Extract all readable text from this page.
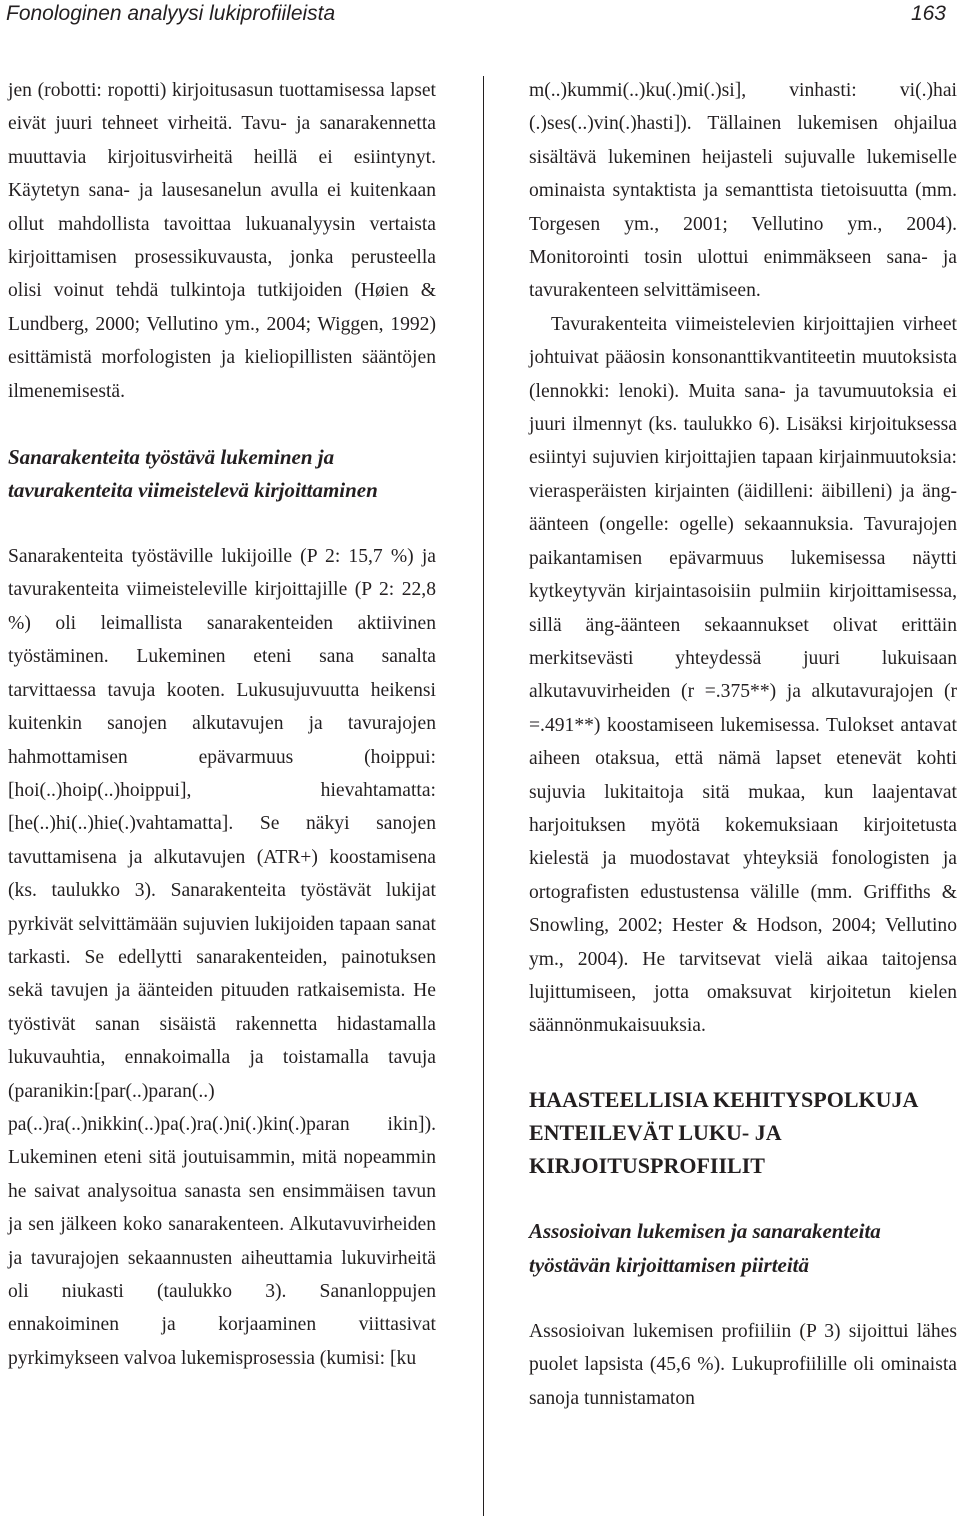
Fonologinen analyysi lukiprofiileista	163

jen (robotti: ropotti) kirjoitusasun tuottamisessa lapset eivät juuri tehneet virheitä. Tavu- ja sanarakennetta muuttavia kirjoitusvirheitä heillä ei esiintynyt. Käytetyn sana- ja lausesanelun avulla ei kuitenkaan ollut mahdollista tavoittaa lukuanalyysin vertaista kirjoittamisen prosessikuvausta, jonka perusteella olisi voinut tehdä tulkintoja tutkijoiden (Høien & Lundberg, 2000; Vellutino ym., 2004; Wiggen, 1992) esittämistä morfologisten ja kieliopillisten sääntöjen ilmenemisestä.

Sanarakenteita työstävä lukeminen ja tavurakenteita viimeistelevä kirjoittaminen

Sanarakenteita työstäville lukijoille (P 2: 15,7 %) ja tavurakenteita viimeisteleville kirjoittajille (P 2: 22,8 %) oli leimallista sanarakenteiden aktiivinen työstäminen. Lukeminen eteni sana sanalta tarvittaessa tavuja kooten. Lukusujuvuutta heikensi kuitenkin sanojen alkutavujen ja tavurajojen hahmottamisen epävarmuus (hoippui: [hoi(..)hoip(..)hoippui], hievahtamatta: [he(..)hi(..)hie(.)vahtamatta]. Se näkyi sanojen tavuttamisena ja alkutavujen (ATR+) koostamisena (ks. taulukko 3). Sanarakenteita työstävät lukijat pyrkivät selvittämään sujuvien lukijoiden tapaan sanat tarkasti. Se edellytti sanarakenteiden, painotuksen sekä tavujen ja äänteiden pituuden ratkaisemista. He työstivät sanan sisäistä rakennetta hidastamalla lukuvauhtia, ennakoimalla ja toistamalla tavuja (paranikin:[par(..)paran(..) pa(..)ra(..)nikkin(..)pa(.)ra(.)ni(.)kin(.)paran ikin]). Lukeminen eteni sitä joutuisammin, mitä nopeammin he saivat analysoitua sanasta sen ensimmäisen tavun ja sen jälkeen koko sanarakenteen. Alkutavuvirheiden ja tavurajojen sekaannusten aiheuttamia lukuvirheitä oli niukasti (taulukko 3). Sananloppujen ennakoiminen ja korjaaminen viittasivat pyrkimykseen valvoa lukemisprosessia (kumisi: [ku

m(..)kummi(..)ku(.)mi(.)si], vinhasti: vi(.)hai (.)ses(..)vin(.)hasti]). Tällainen lukemisen ohjailua sisältävä lukeminen heijasteli sujuvalle lukemiselle ominaista syntaktista ja semanttista tietoisuutta (mm. Torgesen ym., 2001; Vellutino ym., 2004). Monitorointi tosin ulottui enimmäkseen sana- ja tavurakenteen selvittämiseen.

Tavurakenteita viimeistelevien kirjoittajien virheet johtuivat pääosin konsonanttikvantiteetin muutoksista (lennokki: lenoki). Muita sana- ja tavumuutoksia ei juuri ilmennyt (ks. taulukko 6). Lisäksi kirjoituksessa esiintyi sujuvien kirjoittajien tapaan kirjainmuutoksia: vierasperäisten kirjainten (äidilleni: äibilleni) ja äng-äänteen (ongelle: ogelle) sekaannuksia. Tavurajojen paikantamisen epävarmuus lukemisessa näytti kytkeytyvän kirjaintasoisiin pulmiin kirjoittamisessa, sillä äng-äänteen sekaannukset olivat erittäin merkitsevästi yhteydessä juuri lukuisaan alkutavuvirheiden (r =.375**) ja alkutavurajojen (r =.491**) koostamiseen lukemisessa. Tulokset antavat aiheen otaksua, että nämä lapset etenevät kohti sujuvia lukitaitoja sitä mukaa, kun laajentavat harjoituksen myötä kokemuksiaan kirjoitetusta kielestä ja muodostavat yhteyksiä fonologisten ja ortografisten edustustensa välille (mm. Griffiths & Snowling, 2002; Hester & Hodson, 2004; Vellutino ym., 2004). He tarvitsevat vielä aikaa taitojensa lujittumiseen, jotta omaksuvat kirjoitetun kielen säännönmukaisuuksia.

HAASTEELLISIA KEHITYSPOLKUJA ENTEILEVÄT LUKU- JA KIRJOITUSPROFIILIT

Assosioivan lukemisen ja sanarakenteita työstävän kirjoittamisen piirteitä

Assosioivan lukemisen profiiliin (P 3) sijoittui lähes puolet lapsista (45,6 %). Lukuprofiilille oli ominaista sanoja tunnistamaton
